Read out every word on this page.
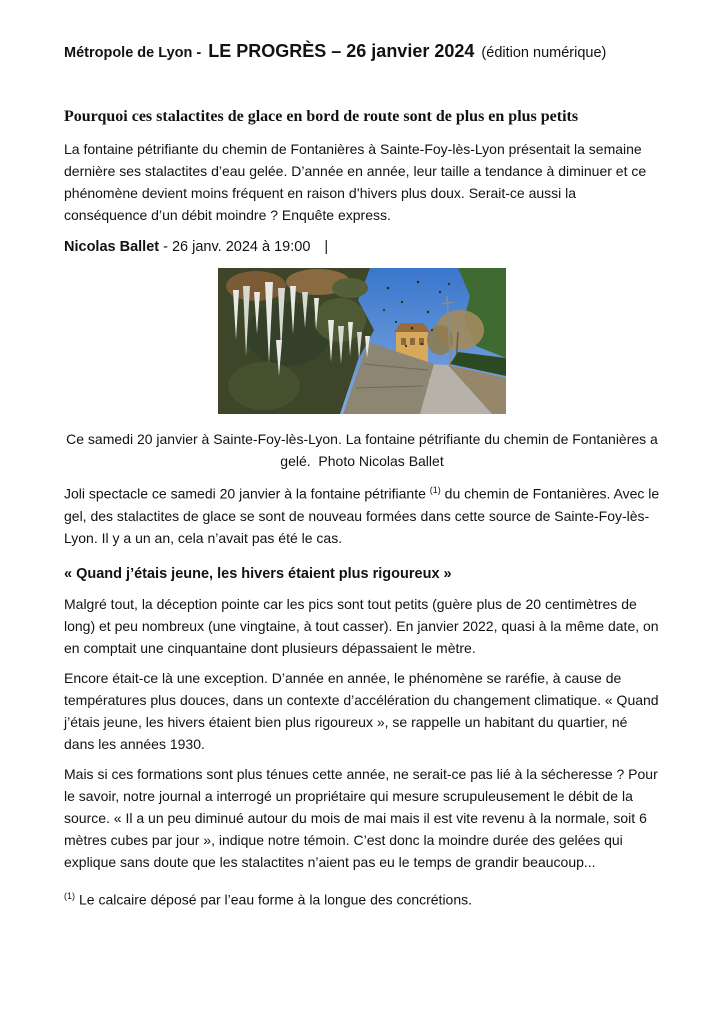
Métropole de Lyon - LE PROGRÈS – 26 janvier 2024 (édition numérique)
Pourquoi ces stalactites de glace en bord de route sont de plus en plus petits
La fontaine pétrifiante du chemin de Fontanières à Sainte-Foy-lès-Lyon présentait la semaine dernière ses stalactites d’eau gelée. D’année en année, leur taille a tendance à diminuer et ce phénomène devient moins fréquent en raison d’hivers plus doux. Serait-ce aussi la conséquence d’un débit moindre ? Enquête express.
Nicolas Ballet - 26 janv. 2024 à 19:00 |
Ce samedi 20 janvier à Sainte-Foy-lès-Lyon. La fontaine pétrifiante du chemin de Fontanières a gelé.  Photo Nicolas Ballet
Joli spectacle ce samedi 20 janvier à la fontaine pétrifiante $^{(1)}$ du chemin de Fontanières. Avec le gel, des stalactites de glace se sont de nouveau formées dans cette source de Sainte-Foy-lès-Lyon. Il y a un an, cela n’avait pas été le cas.
« Quand j’étais jeune, les hivers étaient plus rigoureux »
Malgré tout, la déception pointe car les pics sont tout petits (guère plus de 20 centimètres de long) et peu nombreux (une vingtaine, à tout casser). En janvier 2022, quasi à la même date, on en comptait une cinquantaine dont plusieurs dépassaient le mètre.
Encore était-ce là une exception. D’année en année, le phénomène se raréfie, à cause de températures plus douces, dans un contexte d’accélération du changement climatique. « Quand j’étais jeune, les hivers étaient bien plus rigoureux », se rappelle un habitant du quartier, né dans les années 1930.
Mais si ces formations sont plus ténues cette année, ne serait-ce pas lié à la sécheresse ? Pour le savoir, notre journal a interrogé un propriétaire qui mesure scrupuleusement le débit de la source. « Il a un peu diminué autour du mois de mai mais il est vite revenu à la normale, soit 6 mètres cubes par jour », indique notre témoin. C’est donc la moindre durée des gelées qui explique sans doute que les stalactites n’aient pas eu le temps de grandir beaucoup...
$^{(1)}$ Le calcaire déposé par l’eau forme à la longue des concrétions.
